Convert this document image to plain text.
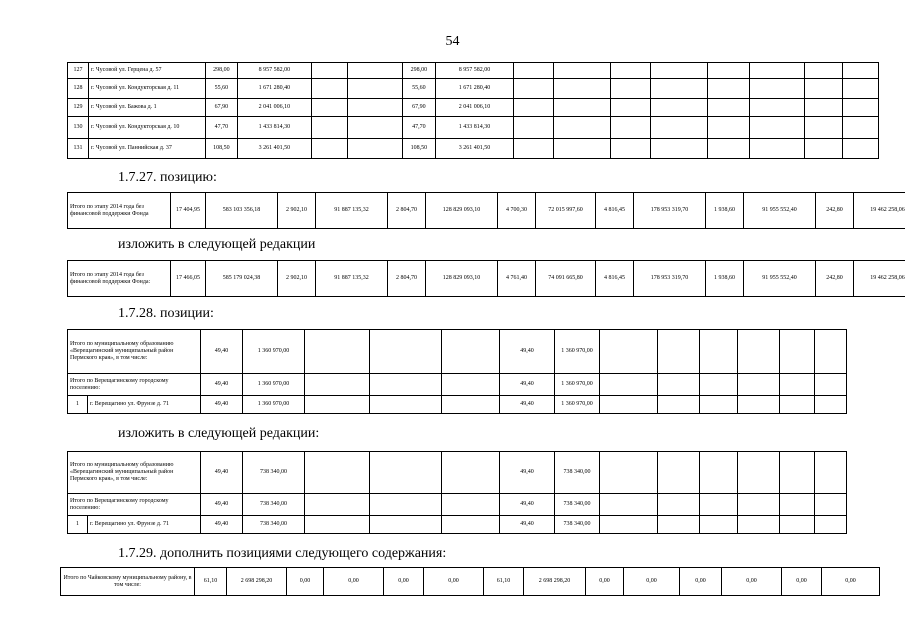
54
127	г. Чусовой ул. Герцена д. 57	298,00	8 957 582,00			298,00	8 957 582,00								
128	г. Чусовой ул. Кондукторская д. 11	55,60	1 671 280,40			55,60	1 671 280,40								
129	г. Чусовой ул. Бажова д. 1	67,90	2 041 006,10			67,90	2 041 006,10								
130	г. Чусовой ул. Кондукторская д. 10	47,70	1 433 814,30			47,70	1 433 814,30								
131	г. Чусовой ул. Паннийская д. 37	108,50	3 261 401,50			108,50	3 261 401,50								
1.7.27. позицию:
Итого по этапу 2014 года без финансовой поддержки Фонда	17 404,95	583 103 356,18	2 902,10	91 887 135,32	2 804,70	128 829 093,10	4 700,30	72 015 997,60	4 816,45	178 953 319,70	1 938,60	91 955 552,40	242,80	19 462 258,06
изложить в следующей редакции
Итого по этапу 2014 года без финансовой поддержки Фонда:	17 466,05	585 179 024,38	2 902,10	91 887 135,32	2 804,70	128 829 093,10	4 761,40	74 091 665,80	4 816,45	178 953 319,70	1 938,60	91 955 552,40	242,80	19 462 258,06
1.7.28. позиции:
Итого по муниципальному образованию «Верещагинский муниципальный район Пермского края», в том числе:		49,40	1 360 970,00				49,40	1 360 970,00						
Итого по Верещагинскому городскому поселению:		49,40	1 360 970,00				49,40	1 360 970,00						
1	г. Верещагино ул. Фрунзе д. 71	49,40	1 360 970,00				49,40	1 360 970,00						
изложить в следующей редакции:
Итого по муниципальному образованию «Верещагинский муниципальный район Пермского края», в том числе:		49,40	738 340,00				49,40	738 340,00						
Итого по Верещагинскому городскому поселению:		49,40	738 340,00				49,40	738 340,00						
1	г. Верещагино ул. Фрунзе д. 71	49,40	738 340,00				49,40	738 340,00						
1.7.29. дополнить позициями следующего содержания:
Итого по Чайковскому муниципальному району, в том числе:	61,10	2 698 298,20	0,00	0,00	0,00	0,00	61,10	2 698 298,20	0,00	0,00	0,00	0,00	0,00	0,00
